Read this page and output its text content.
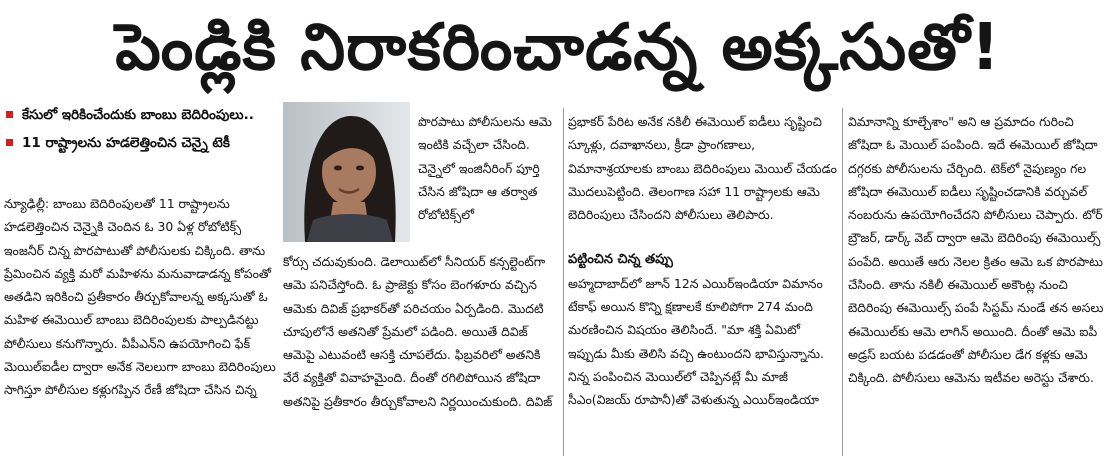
పెండ్లికి నిరాకరించాడన్న అక్కసుతో!
కేసులో ఇరికించేందుకు బాంబు బెదిరింపులు..
11 రాష్ట్రాలను హడలెత్తించిన చెన్నై టెకీ

న్యూఢిల్లీ: బాంబు బెదిరింపులతో 11 రాష్ట్రాలను హడలెత్తించిన చెన్నైకి చెందిన ఓ 30 ఏళ్ల రోబోటిక్స్ ఇంజనీర్ చిన్న పొరపాటుతో పోలీసులకు చిక్కింది. తాను ప్రేమించిన వ్యక్తి మరో మహిళను మనువాడాడన్న కోపంతో అతడిని ఇరికించి ప్రతీకారం తీర్చుకోవాలన్న అక్కసుతో ఓ మహిళ ఈమెయిల్ బాంబు బెదిరింపులకు పాల్పడినట్టు పోలీసులు కనుగొన్నారు. వీపీఎన్‌ని ఉపయోగించి ఫేక్ మెయిల్‌ఐడీల ద్వారా అనేక నెలలుగా బాంబు బెదిరింపులు సాగిస్తూ పోలీసుల కళ్లుగప్పిన రేణీ జోషిదా చేసిన చిన్న

పొరపాటు పోలీసులను ఆమె ఇంటికి వచ్చేలా చేసింది. చెన్నైలో ఇంజినీరింగ్ పూర్తి చేసిన జోషిదా ఆ తర్వాత రోబోటిక్స్‌లో

కోర్సు చదువుకుంది. డెలాయిట్‌లో సీనియర్ కన్సల్టెంట్‌గా ఆమె పనిచేస్తోంది. ఓ ప్రాజెక్టు కోసం బెంగళూరు వచ్చిన ఆమెకు దివిజ్ ప్రభాకర్‌తో పరిచయం ఏర్పడింది. మొదటి చూపులోనే అతనితో ప్రేమలో పడింది. అయితే దివిజ్ ఆమెపై ఎటువంటి ఆసక్తి చూపలేదు. ఫిబ్రవరిలో అతనికి వేరే వ్యక్తితో వివాహమైంది. దీంతో రగిలిపోయిన జోషిదా అతనిపై ప్రతీకారం తీర్చుకోవాలని నిర్ణయించుకుంది. దివిజ్

ప్రభాకర్ పేరిట అనేక నకిలీ ఈమెయిల్ ఐడీలు సృష్టించి స్కూళ్లు, దవాఖానలు, క్రీడా ప్రాంగణాలు, విమానాశ్రయాలకు బాంబు బెదిరింపులు మెయిల్ చేయడం మొదలుపెట్టింది. తెలంగాణ సహా 11 రాష్ట్రాలకు ఆమె బెదిరింపులు చేసిందని పోలీసులు తెలిపారు.

పట్టించిన చిన్న తప్పు

అహ్మదాబాద్‌లో జూన్ 12న ఎయిర్‌ఇండియా విమానం టేకాఫ్ అయిన కొన్ని క్షణాలకే కూలిపోగా 274 మంది మరణించిన విషయం తెలిసిందే. "మా శక్తి ఏమిటో ఇప్పుడు మీకు తెలిసి వచ్చి ఉంటుందని భావిస్తున్నాను. నిన్న పంపించిన మెయిల్‌లో చెప్పినట్లే మీ మాజీ సీఎం(విజయ్ రూపానీ)తో వెళుతున్న ఎయిర్‌ఇండియా

విమానాన్ని కూల్చేశాం" అని ఆ ప్రమాదం గురించి జోషిదా ఓ మెయిల్ పంపింది. ఇదే ఈమెయిల్ జోషిదా దగ్గరకు పోలీసులను చేర్చింది. టెక్‌లో నైపుణ్యం గల జోషిదా ఈమెయిల్ ఐడీలు సృష్టించడానికి వర్చువల్ నంబరును ఉపయోగించేదని పోలీసులు చెప్పారు. టోర్ బ్రౌజర్, డార్క్ వెబ్ ద్వారా ఆమె బెదిరింపు ఈమెయిల్స్ పంపేది. అయితే ఆరు నెలల క్రితం ఆమె ఒక పొరపాటు చేసింది. తాను నకిలీ ఈమెయిల్ అకౌంట్ల నుంచి బెదిరింపు ఈమెయిల్స్ పంపే సిస్టమ్ నుండే తన అసలు ఈమెయిల్‌కు ఆమె లాగిన్ అయింది. దీంతో ఆమె ఐపీ అడ్రస్ బయట పడడంతో పోలీసుల డేగ కళ్లకు ఆమె చిక్కింది. పోలీసులు ఆమెను ఇటీవల అరెస్టు చేశారు.
